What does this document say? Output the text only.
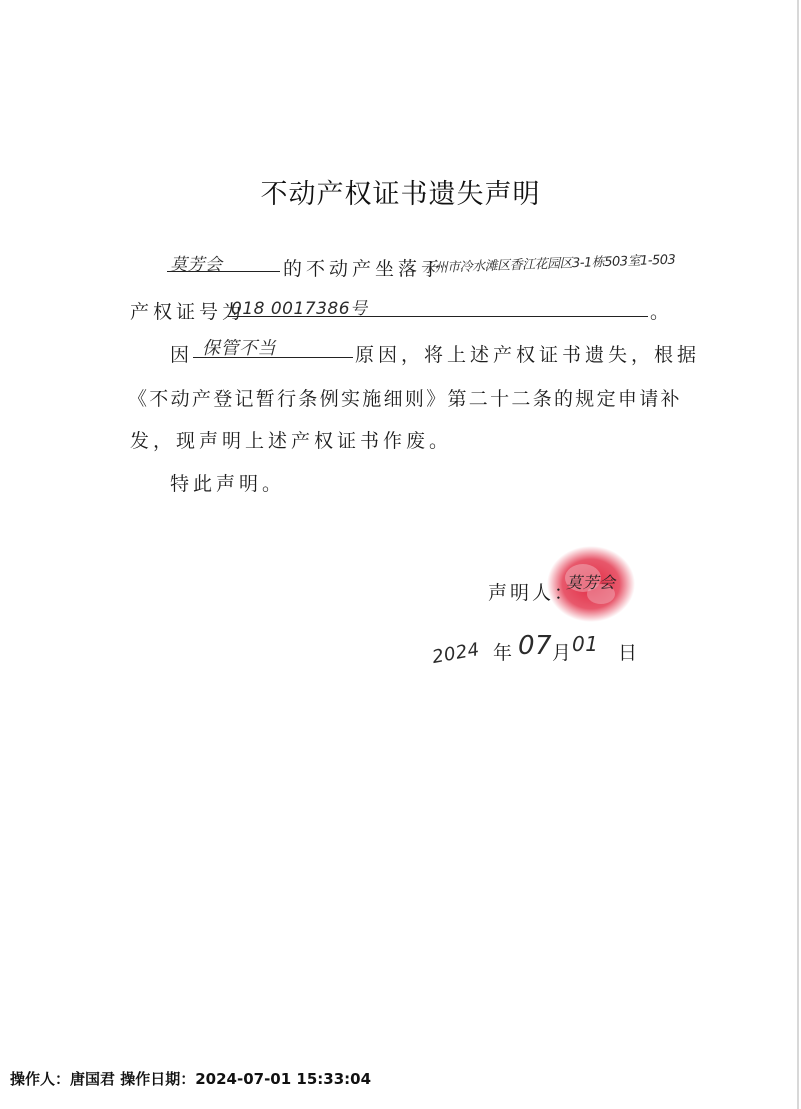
不动产权证书遗失声明
莫芳会	的不动产坐落于
永州市冷水滩区香江花园区3-1栋503室1-503
产权证号为
018 0017386号	。
因 保管不当	原因，将上述产权证书遗失，根据
《不动产登记暂行条例实施细则》第二十二条的规定申请补
发，现声明上述产权证书作废。
特此声明。
声明人：
莫芳会
2024 年 07 月
01 日
操作人：唐国君 操作日期：2024-07-01 15:33:04
